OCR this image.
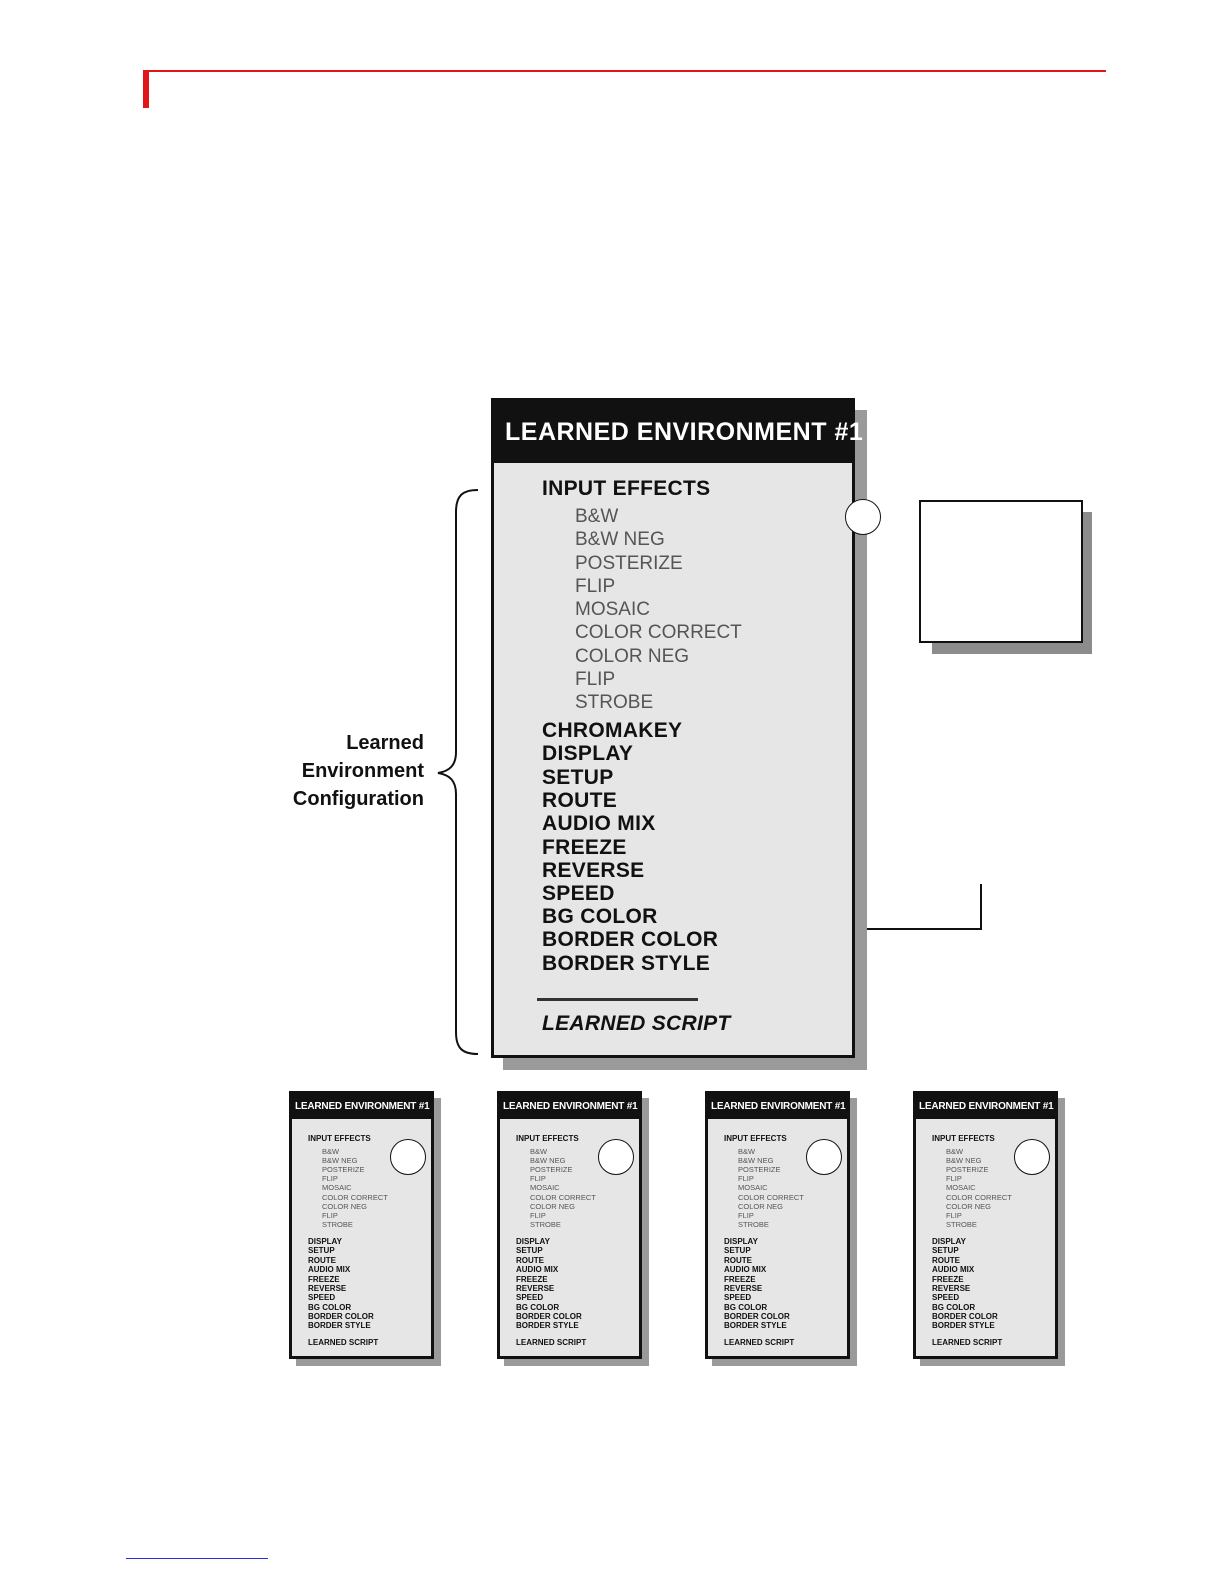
Learned
Environment
Configuration
LEARNED ENVIRONMENT #1
INPUT EFFECTS
B&W
B&W NEG
POSTERIZE
FLIP
MOSAIC
COLOR CORRECT
COLOR NEG
FLIP
STROBE
CHROMAKEY
DISPLAY
SETUP
ROUTE
AUDIO MIX
FREEZE
REVERSE
SPEED
BG COLOR
BORDER COLOR
BORDER STYLE
LEARNED SCRIPT
LEARNED ENVIRONMENT #1
INPUT EFFECTS
B&W
B&W NEG
POSTERIZE
FLIP
MOSAIC
COLOR CORRECT
COLOR NEG
FLIP
STROBE
DISPLAY
SETUP
ROUTE
AUDIO MIX
FREEZE
REVERSE
SPEED
BG COLOR
BORDER COLOR
BORDER STYLE
LEARNED SCRIPT
LEARNED ENVIRONMENT #1
INPUT EFFECTS
B&W
B&W NEG
POSTERIZE
FLIP
MOSAIC
COLOR CORRECT
COLOR NEG
FLIP
STROBE
DISPLAY
SETUP
ROUTE
AUDIO MIX
FREEZE
REVERSE
SPEED
BG COLOR
BORDER COLOR
BORDER STYLE
LEARNED SCRIPT
LEARNED ENVIRONMENT #1
INPUT EFFECTS
B&W
B&W NEG
POSTERIZE
FLIP
MOSAIC
COLOR CORRECT
COLOR NEG
FLIP
STROBE
DISPLAY
SETUP
ROUTE
AUDIO MIX
FREEZE
REVERSE
SPEED
BG COLOR
BORDER COLOR
BORDER STYLE
LEARNED SCRIPT
LEARNED ENVIRONMENT #1
INPUT EFFECTS
B&W
B&W NEG
POSTERIZE
FLIP
MOSAIC
COLOR CORRECT
COLOR NEG
FLIP
STROBE
DISPLAY
SETUP
ROUTE
AUDIO MIX
FREEZE
REVERSE
SPEED
BG COLOR
BORDER COLOR
BORDER STYLE
LEARNED SCRIPT
